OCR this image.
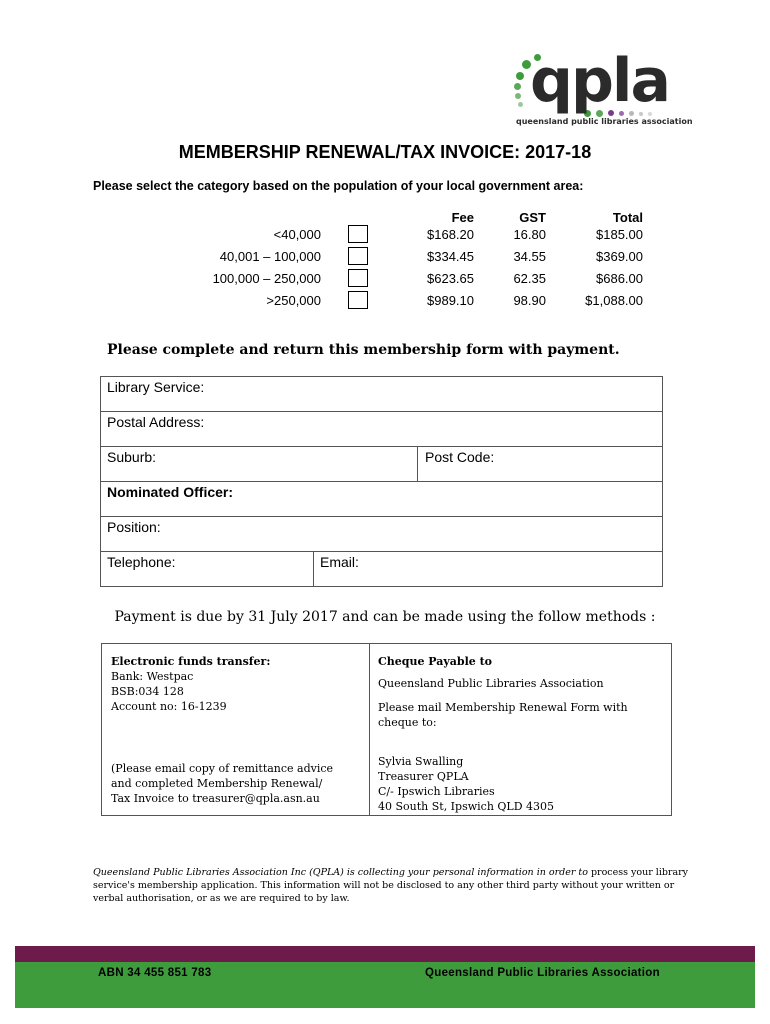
qpla
queensland public libraries association
MEMBERSHIP RENEWAL/TAX INVOICE: 2017-18
Please select the category based on the population of your local government area:
Fee	GST	Total
<40,000	$168.20	16.80	$185.00
40,001 – 100,000	$334.45	34.55	$369.00
100,000 – 250,000	$623.65	62.35	$686.00
>250,000	$989.10	98.90	$1,088.00
Please complete and return this membership form with payment.
Library Service:
Postal Address:
Suburb:	Post Code:
Nominated Officer:
Position:
Telephone:	Email:
Payment is due by 31 July 2017 and can be made using the follow methods :
Electronic funds transfer:
Bank: Westpac
BSB:034 128
Account no: 16-1239
(Please email copy of remittance advice
and completed Membership Renewal/
Tax Invoice to treasurer@qpla.asn.au
Cheque Payable to
Queensland Public Libraries Association
Please mail Membership Renewal Form with
cheque to:
Sylvia Swalling
Treasurer QPLA
C/- Ipswich Libraries
40 South St, Ipswich QLD 4305
Queensland Public Libraries Association Inc (QPLA) is collecting your personal information in order to process your library service's membership application. This information will not be disclosed to any other third party without your written or verbal authorisation, or as we are required to by law.
ABN 34 455 851 783	Queensland Public Libraries Association
